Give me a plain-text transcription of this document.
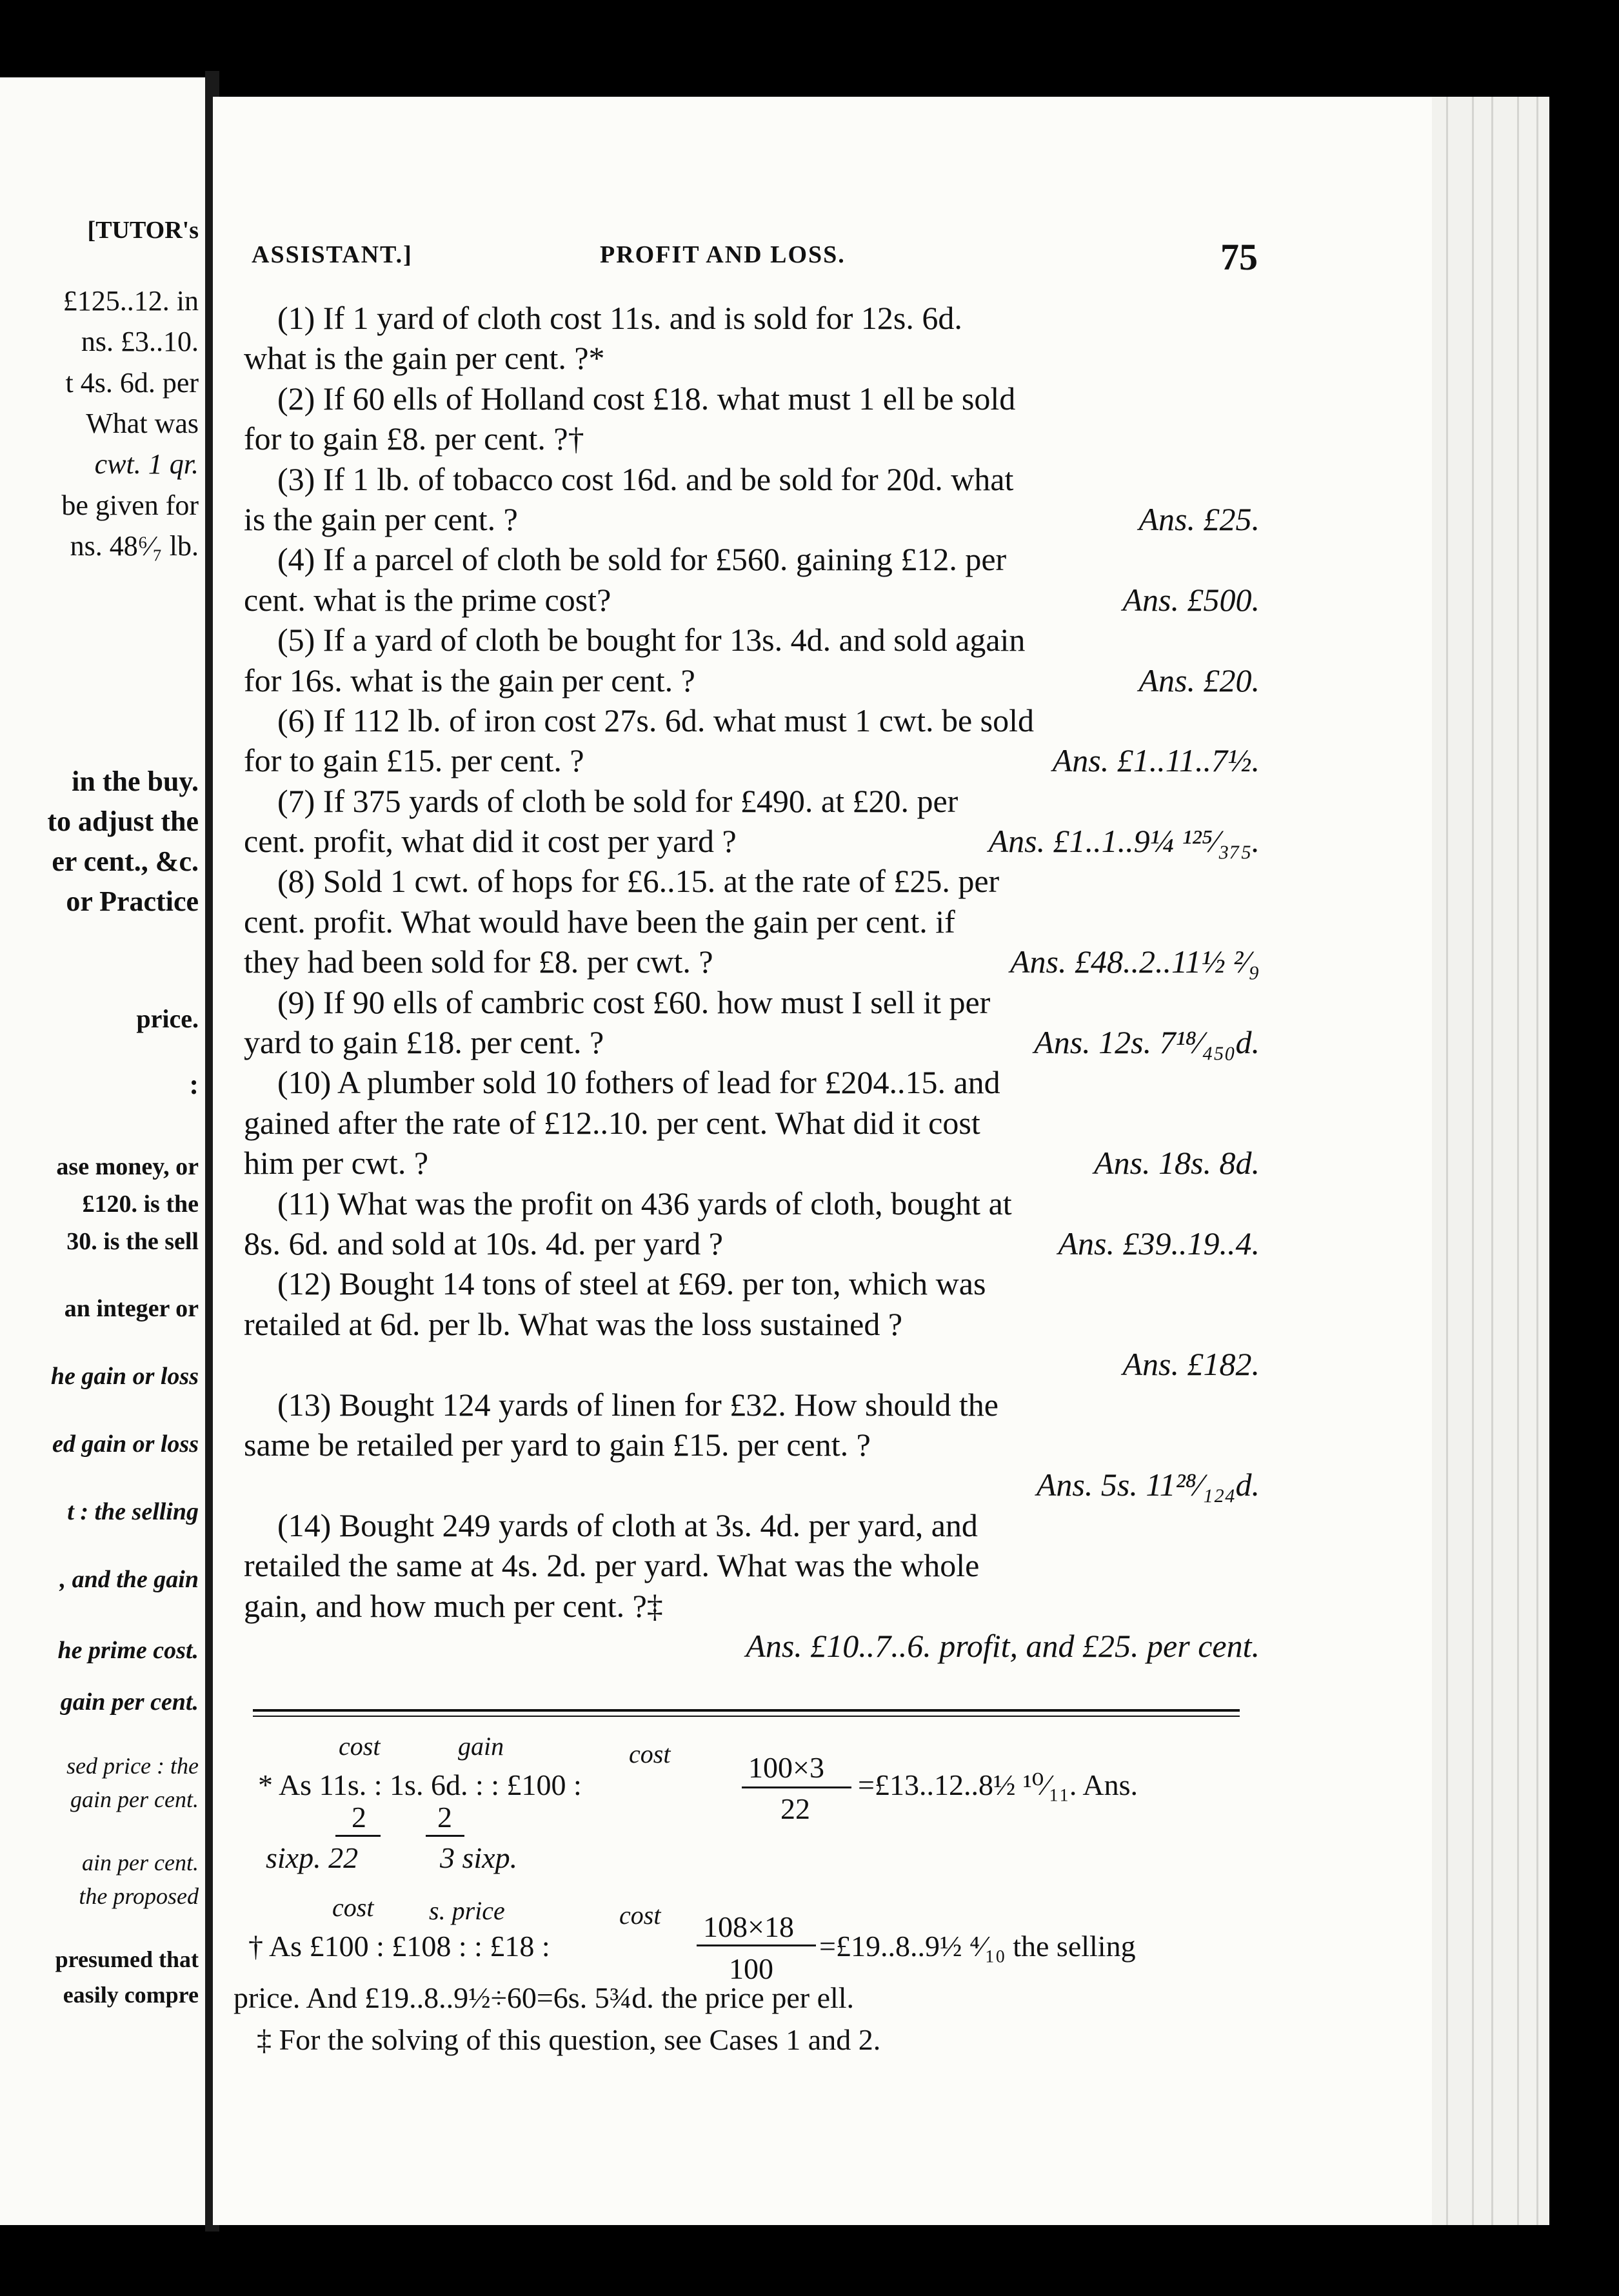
[TUTOR's
£125..12. in
ns. £3..10.
t 4s. 6d. per
What was
cwt. 1 qr.
be given for
ns. 48⁶⁄₇ lb.
in the buy.
to adjust the
er cent., &c.
or Practice
price.
:
ase money, or
£120. is the
30. is the sell
an integer or
he gain or loss
ed gain or loss
t : the selling
, and the gain
he prime cost.
gain per cent.
sed price : the
gain per cent.
ain per cent.
the proposed
presumed that
easily compre
ASSISTANT.]	PROFIT AND LOSS.	75
(1) If 1 yard of cloth cost 11s. and is sold for 12s. 6d.
what is the gain per cent. ?*
(2) If 60 ells of Holland cost £18. what must 1 ell be sold
for to gain £8. per cent. ?†
(3) If 1 lb. of tobacco cost 16d. and be sold for 20d. what
is the gain per cent. ?	Ans. £25.
(4) If a parcel of cloth be sold for £560. gaining £12. per
cent. what is the prime cost?	Ans. £500.
(5) If a yard of cloth be bought for 13s. 4d. and sold again
for 16s. what is the gain per cent. ?	Ans. £20.
(6) If 112 lb. of iron cost 27s. 6d. what must 1 cwt. be sold
for to gain £15. per cent. ?	Ans. £1..11..7½.
(7) If 375 yards of cloth be sold for £490. at £20. per
cent. profit, what did it cost per yard ?	Ans. £1..1..9¼ ¹²⁵⁄₃₇₅.
(8) Sold 1 cwt. of hops for £6..15. at the rate of £25. per
cent. profit. What would have been the gain per cent. if
they had been sold for £8. per cwt. ?	Ans. £48..2..11½ ²⁄₉
(9) If 90 ells of cambric cost £60. how must I sell it per
yard to gain £18. per cent. ?	Ans. 12s. 7¹⁸⁄₄₅₀d.
(10) A plumber sold 10 fothers of lead for £204..15. and
gained after the rate of £12..10. per cent. What did it cost
him per cwt. ?	Ans. 18s. 8d.
(11) What was the profit on 436 yards of cloth, bought at
8s. 6d. and sold at 10s. 4d. per yard ?	Ans. £39..19..4.
(12) Bought 14 tons of steel at £69. per ton, which was
retailed at 6d. per lb. What was the loss sustained ?
Ans. £182.
(13) Bought 124 yards of linen for £32. How should the
same be retailed per yard to gain £15. per cent. ?
Ans. 5s. 11²⁸⁄₁₂₄d.
(14) Bought 249 yards of cloth at 3s. 4d. per yard, and
retailed the same at 4s. 2d. per yard. What was the whole
gain, and how much per cent. ?‡
Ans. £10..7..6. profit, and £25. per cent.
cost	gain	cost
* As 11s. : 1s. 6d. : : £100 :
100×3
22
=£13..12..8½ ¹⁰⁄₁₁. Ans.
2 2
sixp. 22	3 sixp.
cost s. price	cost
† As £100 : £108 : : £18 :
108×18
100
=£19..8..9½ ⁴⁄₁₀ the selling
price. And £19..8..9½÷60=6s. 5¾d. the price per ell.
‡ For the solving of this question, see Cases 1 and 2.
